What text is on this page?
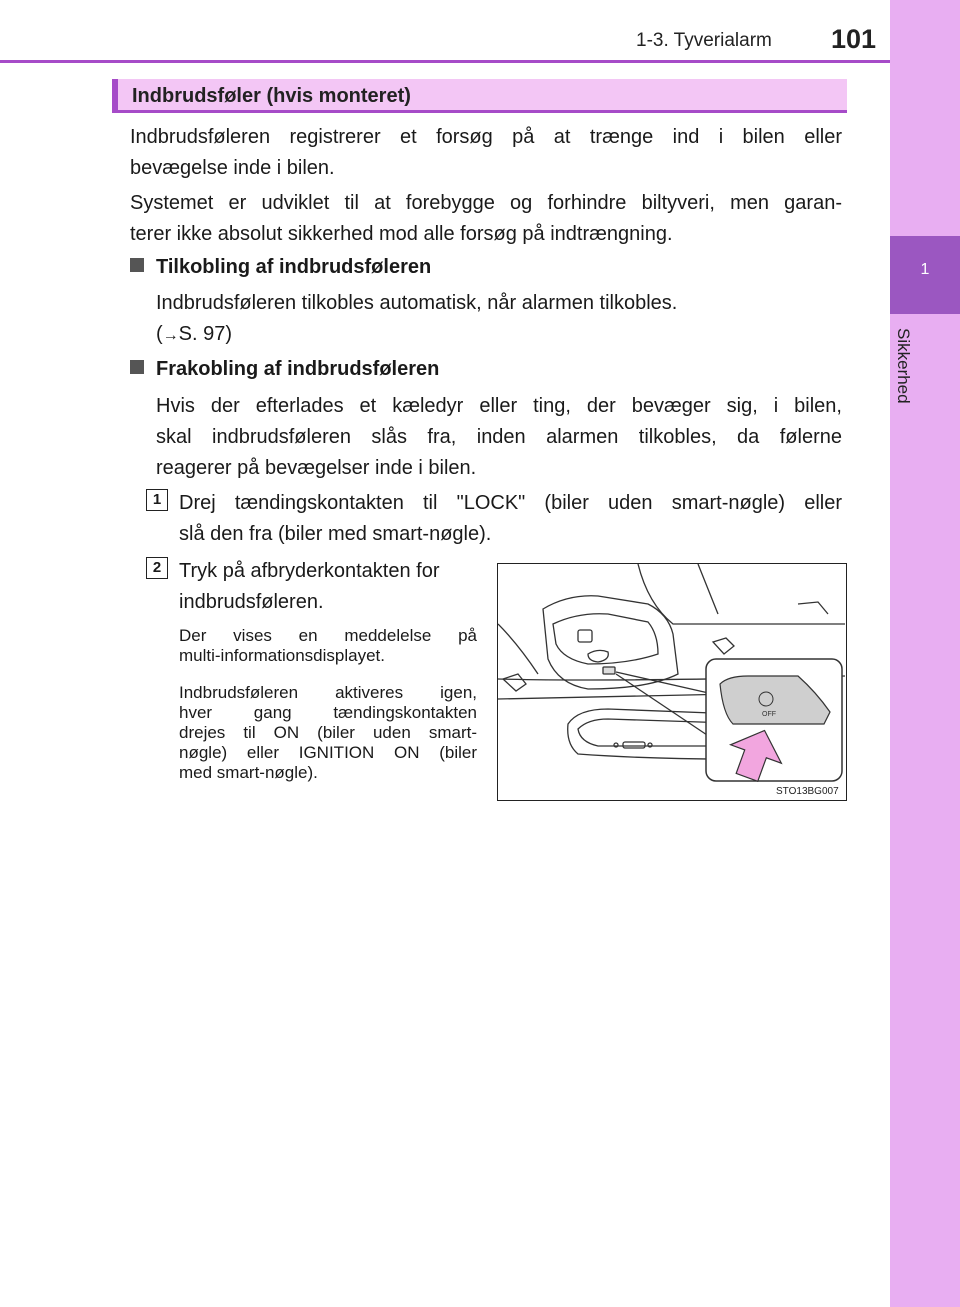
1-3. Tyverialarm 101
1
Sikkerhed
Indbrudsføler (hvis monteret)
Indbrudsføleren registrerer et forsøg på at trænge ind i bilen eller
bevægelse inde i bilen.
Systemet er udviklet til at forebygge og forhindre biltyveri, men garan-
terer ikke absolut sikkerhed mod alle forsøg på indtrængning.
Tilkobling af indbrudsføleren
Indbrudsføleren tilkobles automatisk, når alarmen tilkobles.
(→S. 97)
Frakobling af indbrudsføleren
Hvis der efterlades et kæledyr eller ting, der bevæger sig, i bilen,
skal indbrudsføleren slås fra, inden alarmen tilkobles, da følerne
reagerer på bevægelser inde i bilen.
1 Drej tændingskontakten til "LOCK" (biler uden smart-nøgle) eller
slå den fra (biler med smart-nøgle).
2 Tryk på afbryderkontakten for
indbrudsføleren.
Der vises en meddelelse på
multi-informationsdisplayet.
Indbrudsføleren aktiveres igen,
hver gang tændingskontakten
drejes til ON (biler uden smart-
nøgle) eller IGNITION ON (biler
med smart-nøgle).
OFF
STO13BG007
